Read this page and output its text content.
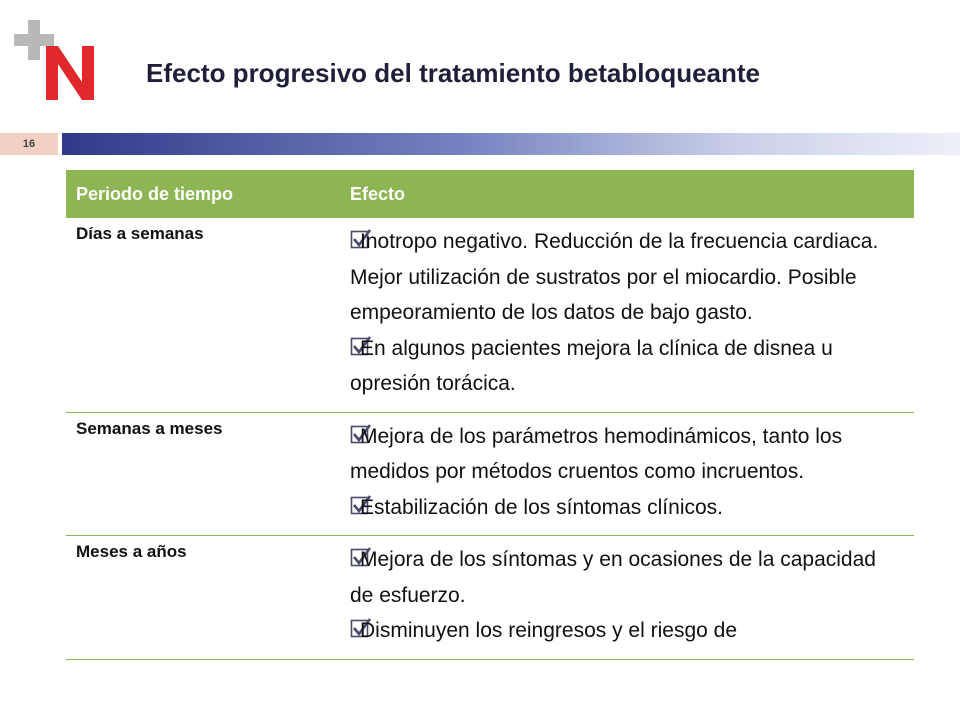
Efecto progresivo del tratamiento betabloqueante
16
Periodo de tiempo	Efecto
Días a semanas	Inotropo negativo. Reducción de la frecuencia cardiaca. Mejor utilización de sustratos por el miocardio. Posible empeoramiento de los datos de bajo gasto.

En algunos pacientes mejora la clínica de disnea u opresión torácica.

Semanas a meses	Mejora de los parámetros hemodinámicos, tanto los medidos por métodos cruentos como incruentos.

Estabilización de los síntomas clínicos.

Meses a años	Mejora de los síntomas y en ocasiones de la capacidad de esfuerzo.

Disminuyen los reingresos y el riesgo de
